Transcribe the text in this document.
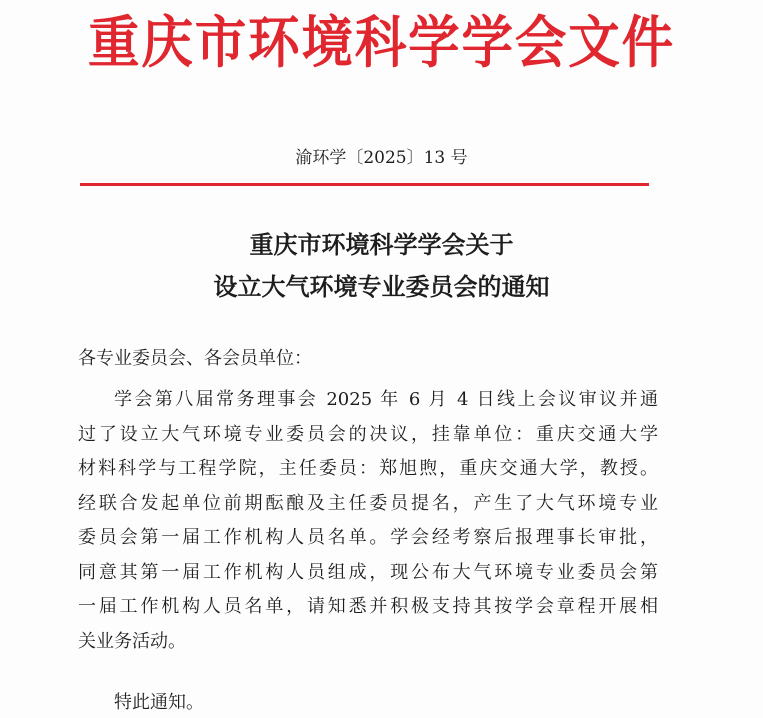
重庆市环境科学学会文件
渝环学〔2025〕13 号
重庆市环境科学学会关于
设立大气环境专业委员会的通知
各专业委员会、各会员单位：
学会第八届常务理事会 2025 年 6 月 4 日线上会议审议并通
过了设立大气环境专业委员会的决议，挂靠单位：重庆交通大学
材料科学与工程学院，主任委员：郑旭煦，重庆交通大学，教授。
经联合发起单位前期酝酿及主任委员提名，产生了大气环境专业
委员会第一届工作机构人员名单。学会经考察后报理事长审批，
同意其第一届工作机构人员组成，现公布大气环境专业委员会第
一届工作机构人员名单，请知悉并积极支持其按学会章程开展相
关业务活动。
特此通知。
